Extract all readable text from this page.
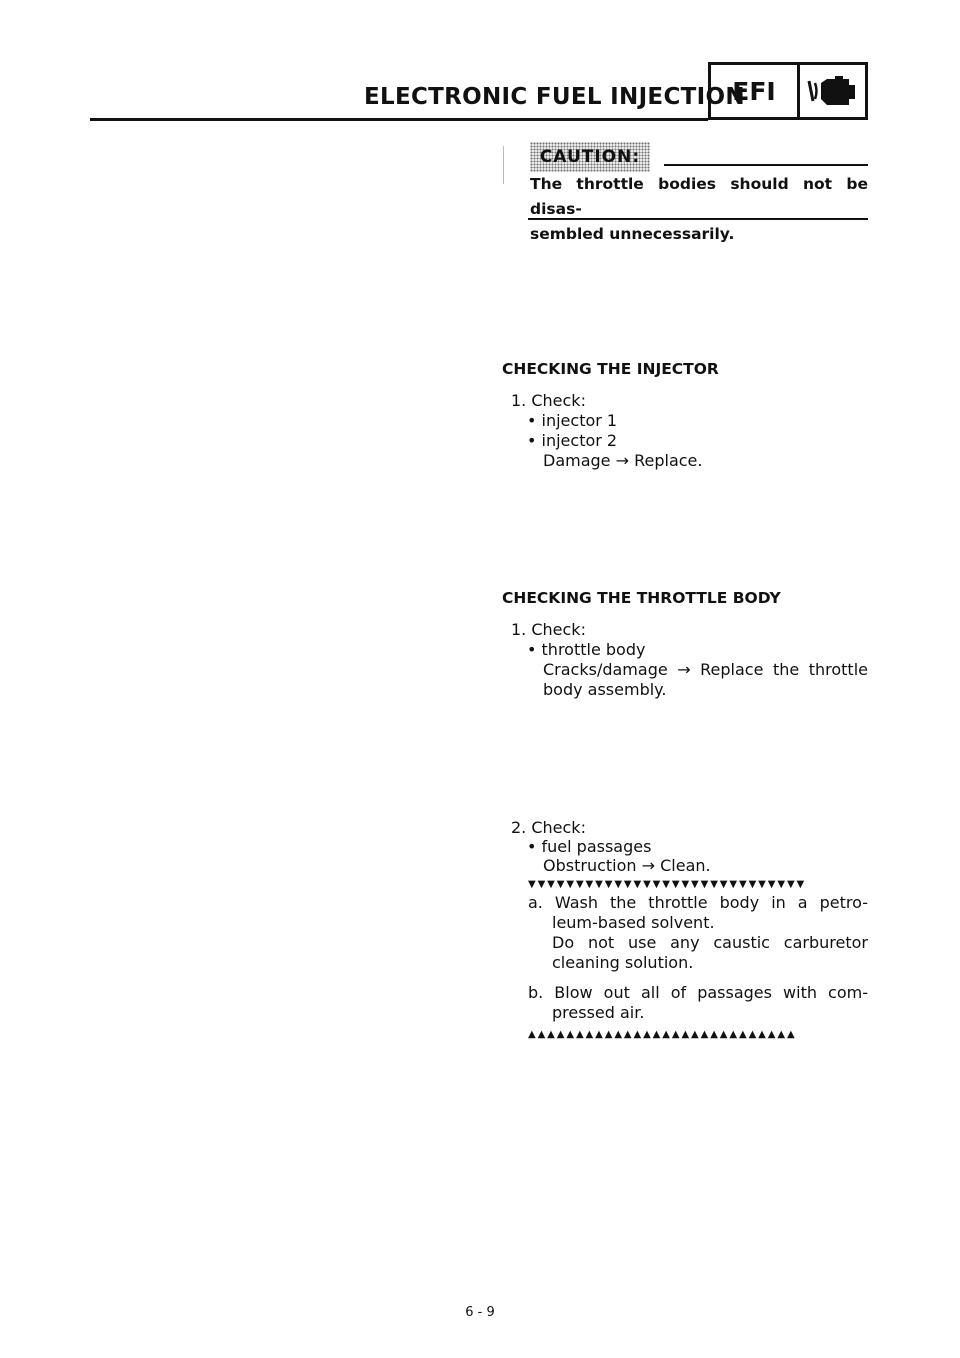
ELECTRONIC FUEL INJECTION
EFI
CAUTION:
The throttle bodies should not be disas-
sembled unnecessarily.
CHECKING THE INJECTOR
1. Check:
• injector 1
• injector 2
Damage → Replace.
CHECKING THE THROTTLE BODY
1. Check:
• throttle body
Cracks/damage → Replace the throttle
body assembly.
2. Check:
• fuel passages
Obstruction → Clean.
▼▼▼▼▼▼▼▼▼▼▼▼▼▼▼▼▼▼▼▼▼▼▼▼▼▼▼▼▼
a. Wash the throttle body in a petro-
leum-based solvent.
Do not use any caustic carburetor
cleaning solution.
b. Blow out all of passages with com-
pressed air.
▲▲▲▲▲▲▲▲▲▲▲▲▲▲▲▲▲▲▲▲▲▲▲▲▲▲▲▲
6 - 9
